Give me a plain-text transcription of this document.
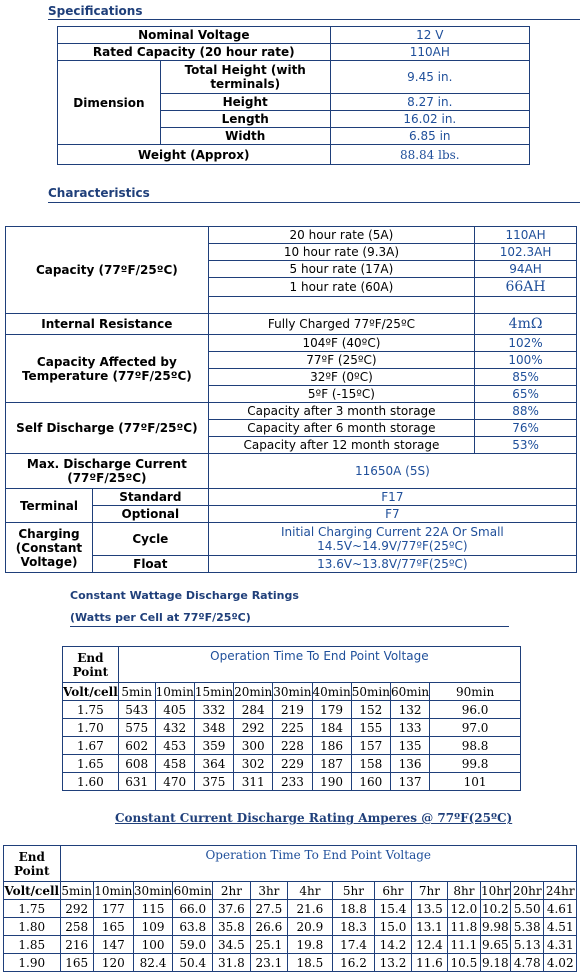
Specifications
Nominal Voltage		12 V
Rated Capacity (20 hour rate)		110AH
Dimension	Total Height (with terminals)	9.45 in.
	Height	8.27 in.
	Length	16.02 in.
	Width	6.85 in
Weight (Approx)		88.84 lbs.
Characteristics
Capacity (77ºF/25ºC)		20 hour rate (5A)	110AH
		10 hour rate (9.3A)	102.3AH
		5 hour rate (17A)	94AH
		1 hour rate (60A)	66AH

Internal Resistance		Fully Charged 77ºF/25ºC	4mΩ
Capacity Affected by Temperature (77ºF/25ºC)		104ºF (40ºC)	102%
		77ºF (25ºC)	100%
		32ºF (0ºC)	85%
		5ºF (-15ºC)	65%
Self Discharge (77ºF/25ºC)		Capacity after 3 month storage	88%
		Capacity after 6 month storage	76%
		Capacity after 12 month storage	53%
Max. Discharge Current (77ºF/25ºC)		11650A (5S)	
Terminal	Standard	F17	
	Optional	F7	
Charging (Constant Voltage)	Cycle	Initial Charging Current 22A Or Small
14.5V~14.9V/77ºF(25ºC)	

	Float	13.6V~13.8V/77ºF(25ºC)	
Constant Wattage Discharge Ratings
(Watts per Cell at 77ºF/25ºC)
End Point	Operation Time To End Point Voltage								
Volt/cell	5min	10min	15min	20min	30min	40min	50min	60min	90min
1.75	543	405	332	284	219	179	152	132	96.0
1.70	575	432	348	292	225	184	155	133	97.0
1.67	602	453	359	300	228	186	157	135	98.8
1.65	608	458	364	302	229	187	158	136	99.8
1.60	631	470	375	311	233	190	160	137	101
Constant Current Discharge Rating Amperes @ 77ºF(25ºC)
End Point	Operation Time To End Point Voltage													
Volt/cell	5min	10min	30min	60min	2hr	3hr	4hr	5hr	6hr	7hr	8hr	10hr	20hr	24hr
1.75	292	177	115	66.0	37.6	27.5	21.6	18.8	15.4	13.5	12.0	10.2	5.50	4.61
1.80	258	165	109	63.8	35.8	26.6	20.9	18.3	15.0	13.1	11.8	9.98	5.38	4.51
1.85	216	147	100	59.0	34.5	25.1	19.8	17.4	14.2	12.4	11.1	9.65	5.13	4.31
1.90	165	120	82.4	50.4	31.8	23.1	18.5	16.2	13.2	11.6	10.5	9.18	4.78	4.02
